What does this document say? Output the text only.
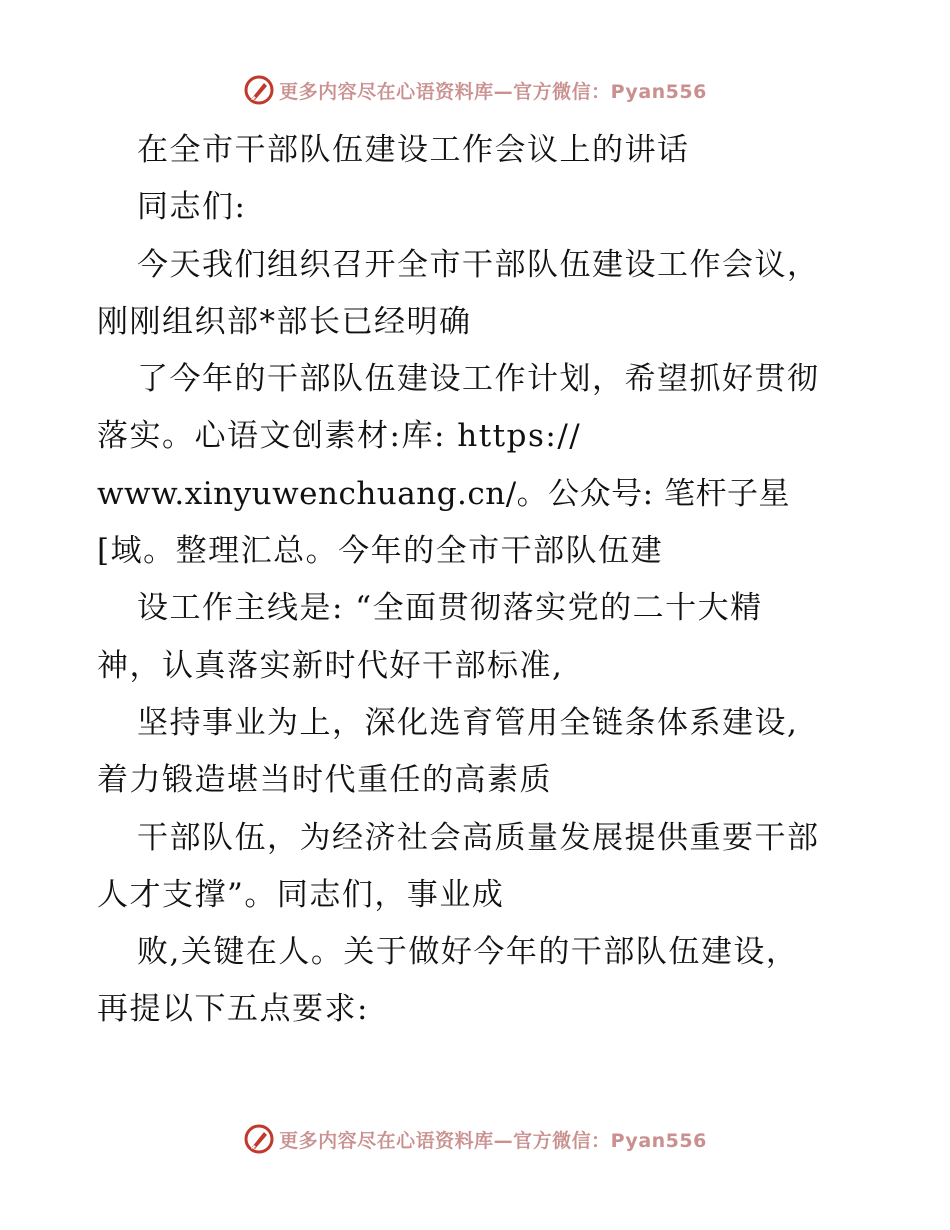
更多内容尽在心语资料库—官方微信：Pyan556
在全市干部队伍建设工作会议上的讲话
同志们:
今天我们组织召开全市干部队伍建设工作会议，
刚刚组织部*部长已经明确
了今年的干部队伍建设工作计划，希望抓好贯彻
落实。心语文创素材:库: https://
www.xinyuwenchuang.cn/。公众号: 笔杆子星
[域。整理汇总。今年的全市干部队伍建
设工作主线是: “全面贯彻落实党的二十大精
神，认真落实新时代好干部标准,
坚持事业为上，深化选育管用全链条体系建设,
着力锻造堪当时代重任的高素质
干部队伍，为经济社会高质量发展提供重要干部
人才支撑”。同志们，事业成
败,关键在人。关于做好今年的干部队伍建设，
再提以下五点要求:
更多内容尽在心语资料库—官方微信：Pyan556
